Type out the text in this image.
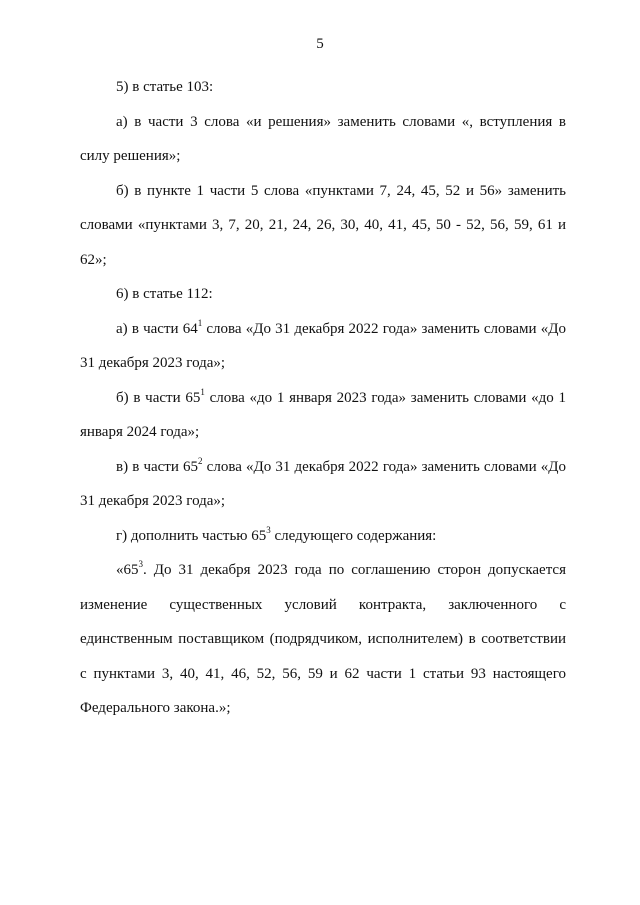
5

5) в статье 103:

а) в части 3 слова «и решения» заменить словами «, вступления в силу решения»;

б) в пункте 1 части 5 слова «пунктами 7, 24, 45, 52 и 56» заменить словами «пунктами 3, 7, 20, 21, 24, 26, 30, 40, 41, 45, 50 - 52, 56, 59, 61 и 62»;

6) в статье 112:

а) в части $64^1$ слова «До 31 декабря 2022 года» заменить словами «До 31 декабря 2023 года»;

б) в части $65^1$ слова «до 1 января 2023 года» заменить словами «до 1 января 2024 года»;

в) в части $65^2$ слова «До 31 декабря 2022 года» заменить словами «До 31 декабря 2023 года»;

г) дополнить частью $65^3$ следующего содержания:

«$65^3$. До 31 декабря 2023 года по соглашению сторон допускается изменение существенных условий контракта, заключенного с единственным поставщиком (подрядчиком, исполнителем) в соответствии с пунктами 3, 40, 41, 46, 52, 56, 59 и 62 части 1 статьи 93 настоящего Федерального закона.»;
